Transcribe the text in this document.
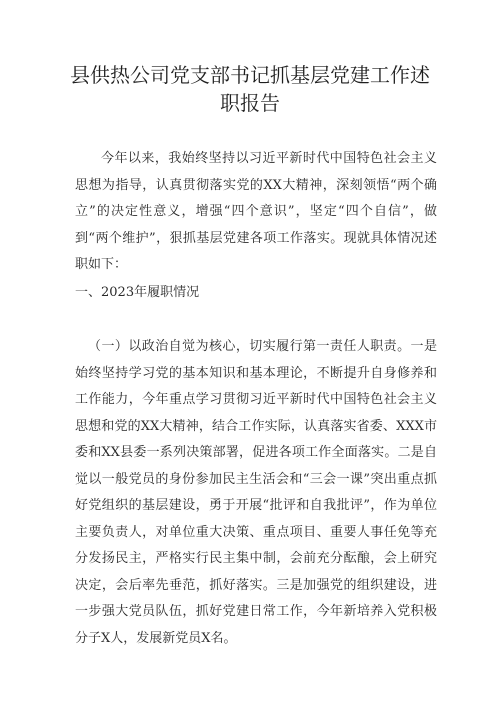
县供热公司党支部书记抓基层党建工作述
职报告

今年以来，我始终坚持以习近平新时代中国特色社会主义思想为指导，认真贯彻落实党的XX大精神，深刻领悟“两个确立”的决定性意义，增强“四个意识”，坚定“四个自信”，做到“两个维护”，狠抓基层党建各项工作落实。现就具体情况述职如下：

一、2023年履职情况

（一）以政治自觉为核心，切实履行第一责任人职责。一是始终坚持学习党的基本知识和基本理论，不断提升自身修养和工作能力，今年重点学习贯彻习近平新时代中国特色社会主义思想和党的XX大精神，结合工作实际，认真落实省委、XXX市委和XX县委一系列决策部署，促进各项工作全面落实。二是自觉以一般党员的身份参加民主生活会和“三会一课”突出重点抓好党组织的基层建设，勇于开展“批评和自我批评”，作为单位主要负责人，对单位重大决策、重点项目、重要人事任免等充分发扬民主，严格实行民主集中制，会前充分酝酿，会上研究决定，会后率先垂范，抓好落实。三是加强党的组织建设，进一步强大党员队伍，抓好党建日常工作，今年新培养入党积极分子X人，发展新党员X名。
